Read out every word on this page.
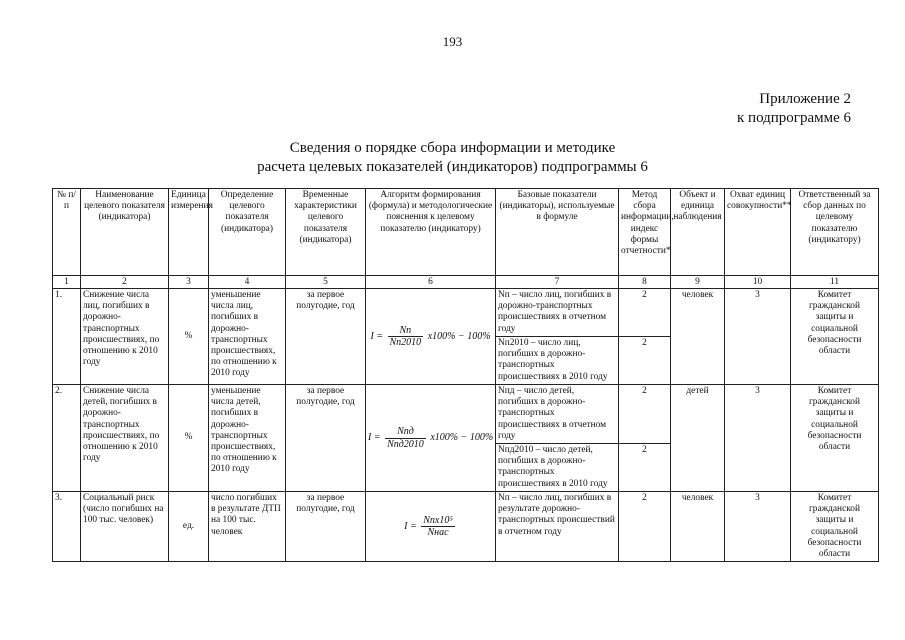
193
Приложение 2
к подпрограмме 6
Сведения о порядке сбора информации и методике
расчета целевых показателей (индикаторов) подпрограммы 6
№ п/п	Наименование целевого показателя (индикатора)	Единица измерения	Определение целевого показателя (индикатора)	Временные характеристики целевого показателя (индикатора)	Алгоритм формирования (формула) и методологические пояснения к целевому показателю (индикатору)	Базовые показатели (индикаторы), используемые в формуле	Метод сбора информации, индекс формы отчетности*	Объект и единица наблюдения	Охват единиц совокупности**	Ответственный за сбор данных по целевому показателю (индикатору)
1	2	3	4	5	6	7	8	9	10	11
1.	Снижение числа лиц, погибших в дорожно-транспортных происшествиях, по отношению к 2010 году	%	уменьшение числа лиц, погибших в дорожно-транспортных происшествиях, по отношению к 2010 году	за первое полугодие, год	$I = \frac{Nп}{Nп2010} x100\% - 100\%$	Nп – число лиц, погибших в дорожно-транспортных происшествиях в отчетном году	2	человек	3	Комитет гражданской защиты и социальной безопасности области
						Nп2010 – число лиц, погибших в дорожно-транспортных происшествиях в 2010 году	2			
2.	Снижение числа детей, погибших в дорожно-транспортных происшествиях, по отношению к 2010 году	%	уменьшение числа детей, погибших в дорожно-транспортных происшествиях, по отношению к 2010 году	за первое полугодие, год	$I = \frac{\text{Nпд}}{\text{Nпд2010}} x100\% - 100\%$	Nпд – число детей, погибших в дорожно-транспортных происшествиях в отчетном году	2	детей	3	Комитет гражданской защиты и социальной безопасности области
						Nпд2010 – число детей, погибших в дорожно-транспортных происшествиях в 2010 году	2			
3.	Социальный риск (число погибших на 100 тыс. человек)	ед.	число погибших в результате ДТП на 100 тыс. человек	за первое полугодие, год	$I = \frac{\text{Nпx10⁵}}{\text{Nнас}}$	Nп – число лиц, погибших в результате дорожно-транспортных происшествий в отчетном году	2	человек	3	Комитет гражданской защиты и социальной безопасности области
